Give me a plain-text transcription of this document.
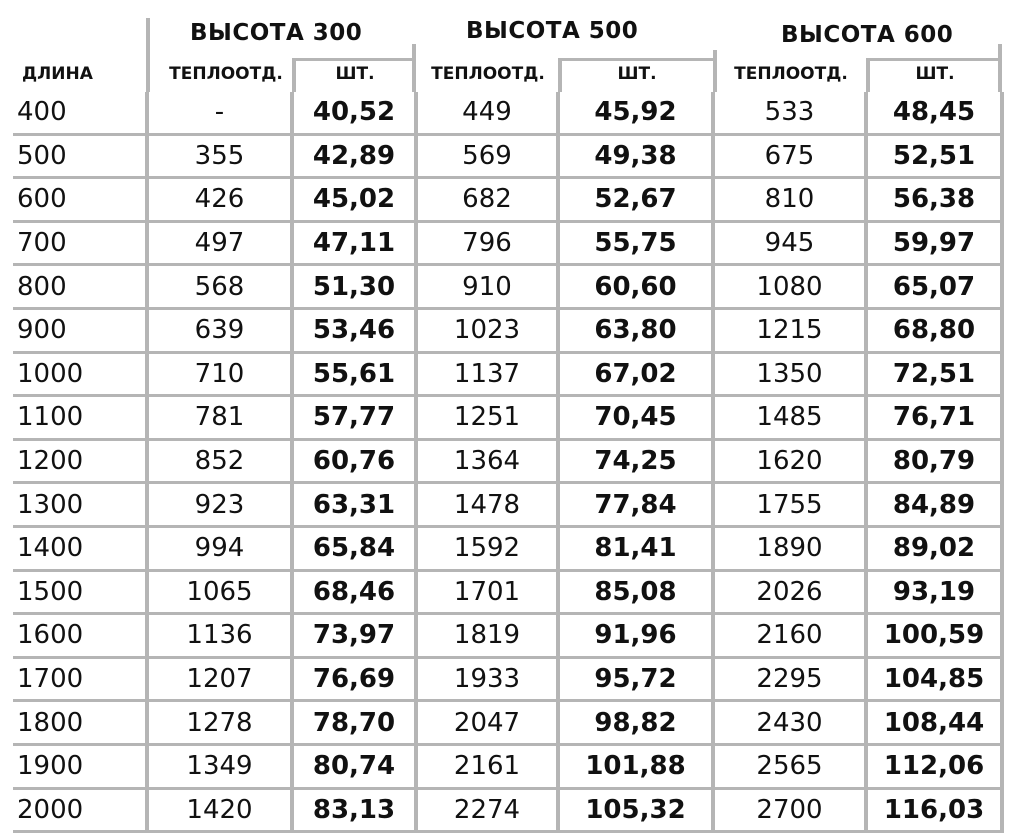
ВЫСОТА 300	ВЫСОТА 500	ВЫСОТА 600
ДЛИНА	ТЕПЛООТД.	ШТ.	ТЕПЛООТД.	ШТ.	ТЕПЛООТД.	ШТ.
400	-	40,52	449	45,92	533	48,45
500	355	42,89	569	49,38	675	52,51
600	426	45,02	682	52,67	810	56,38
700	497	47,11	796	55,75	945	59,97
800	568	51,30	910	60,60	1080	65,07
900	639	53,46	1023	63,80	1215	68,80
1000	710	55,61	1137	67,02	1350	72,51
1100	781	57,77	1251	70,45	1485	76,71
1200	852	60,76	1364	74,25	1620	80,79
1300	923	63,31	1478	77,84	1755	84,89
1400	994	65,84	1592	81,41	1890	89,02
1500	1065	68,46	1701	85,08	2026	93,19
1600	1136	73,97	1819	91,96	2160	100,59
1700	1207	76,69	1933	95,72	2295	104,85
1800	1278	78,70	2047	98,82	2430	108,44
1900	1349	80,74	2161	101,88	2565	112,06
2000	1420	83,13	2274	105,32	2700	116,03
